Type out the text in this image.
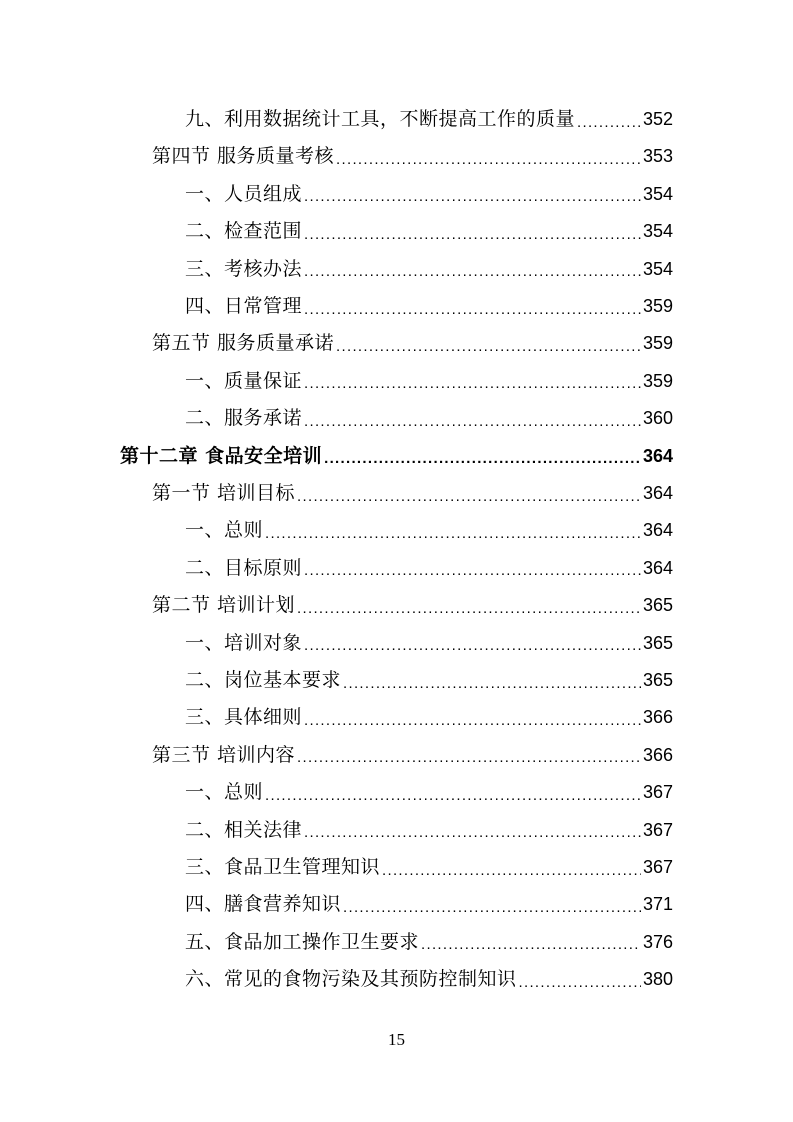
九、利用数据统计工具，不断提高工作的质量 .....	352
第四节 服务质量考核 .....	353
一、人员组成 .....	354
二、检查范围 .....	354
三、考核办法 .....	354
四、日常管理 .....	359
第五节 服务质量承诺 .....	359
一、质量保证 .....	359
二、服务承诺 .....	360
第十二章 食品安全培训 .....	364
第一节 培训目标 .....	364
一、总则 .....	364
二、目标原则 .....	364
第二节 培训计划 .....	365
一、培训对象 .....	365
二、岗位基本要求 .....	365
三、具体细则 .....	366
第三节 培训内容 .....	366
一、总则 .....	367
二、相关法律 .....	367
三、食品卫生管理知识 .....	367
四、膳食营养知识 .....	371
五、食品加工操作卫生要求 .....	376
六、常见的食物污染及其预防控制知识 .....	380
15
